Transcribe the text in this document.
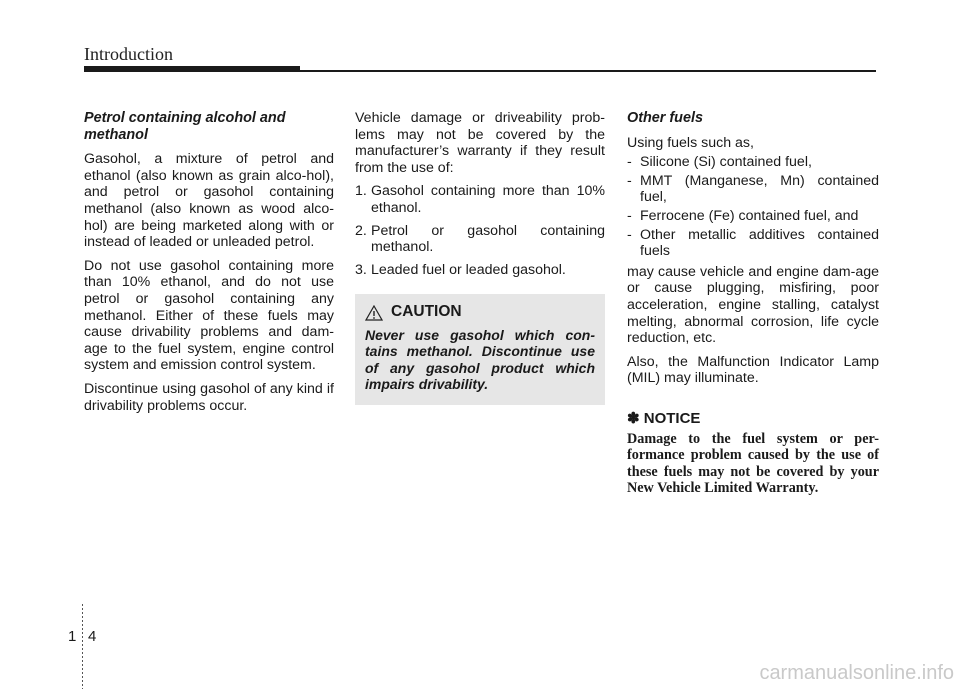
Introduction
Petrol containing alcohol and methanol

Gasohol, a mixture of petrol and ethanol (also known as grain alco-hol), and petrol or gasohol containing methanol (also known as wood alco-hol) are being marketed along with or instead of leaded or unleaded petrol.

Do not use gasohol containing more than 10% ethanol, and do not use petrol or gasohol containing any methanol. Either of these fuels may cause drivability problems and dam-age to the fuel system, engine control system and emission control system.

Discontinue using gasohol of any kind if drivability problems occur.

Vehicle damage or driveability prob-lems may not be covered by the manufacturer’s warranty if they result from the use of:

1. Gasohol containing more than 10% ethanol.
2. Petrol or gasohol containing methanol.
3. Leaded fuel or leaded gasohol.
CAUTION
Never use gasohol which con-tains methanol. Discontinue use of any gasohol product which impairs drivability.
Other fuels

Using fuels such as,

- Silicone (Si) contained fuel,
- MMT (Manganese, Mn) contained fuel,
- Ferrocene (Fe) contained fuel, and
- Other metallic additives contained fuels

may cause vehicle and engine dam-age or cause plugging, misfiring, poor acceleration, engine stalling, catalyst melting, abnormal corrosion, life cycle reduction, etc.

Also, the Malfunction Indicator Lamp (MIL) may illuminate.

✽ NOTICE
Damage to the fuel system or per-formance problem caused by the use of these fuels may not be covered by your New Vehicle Limited Warranty.
1 4
carmanualsonline.info
